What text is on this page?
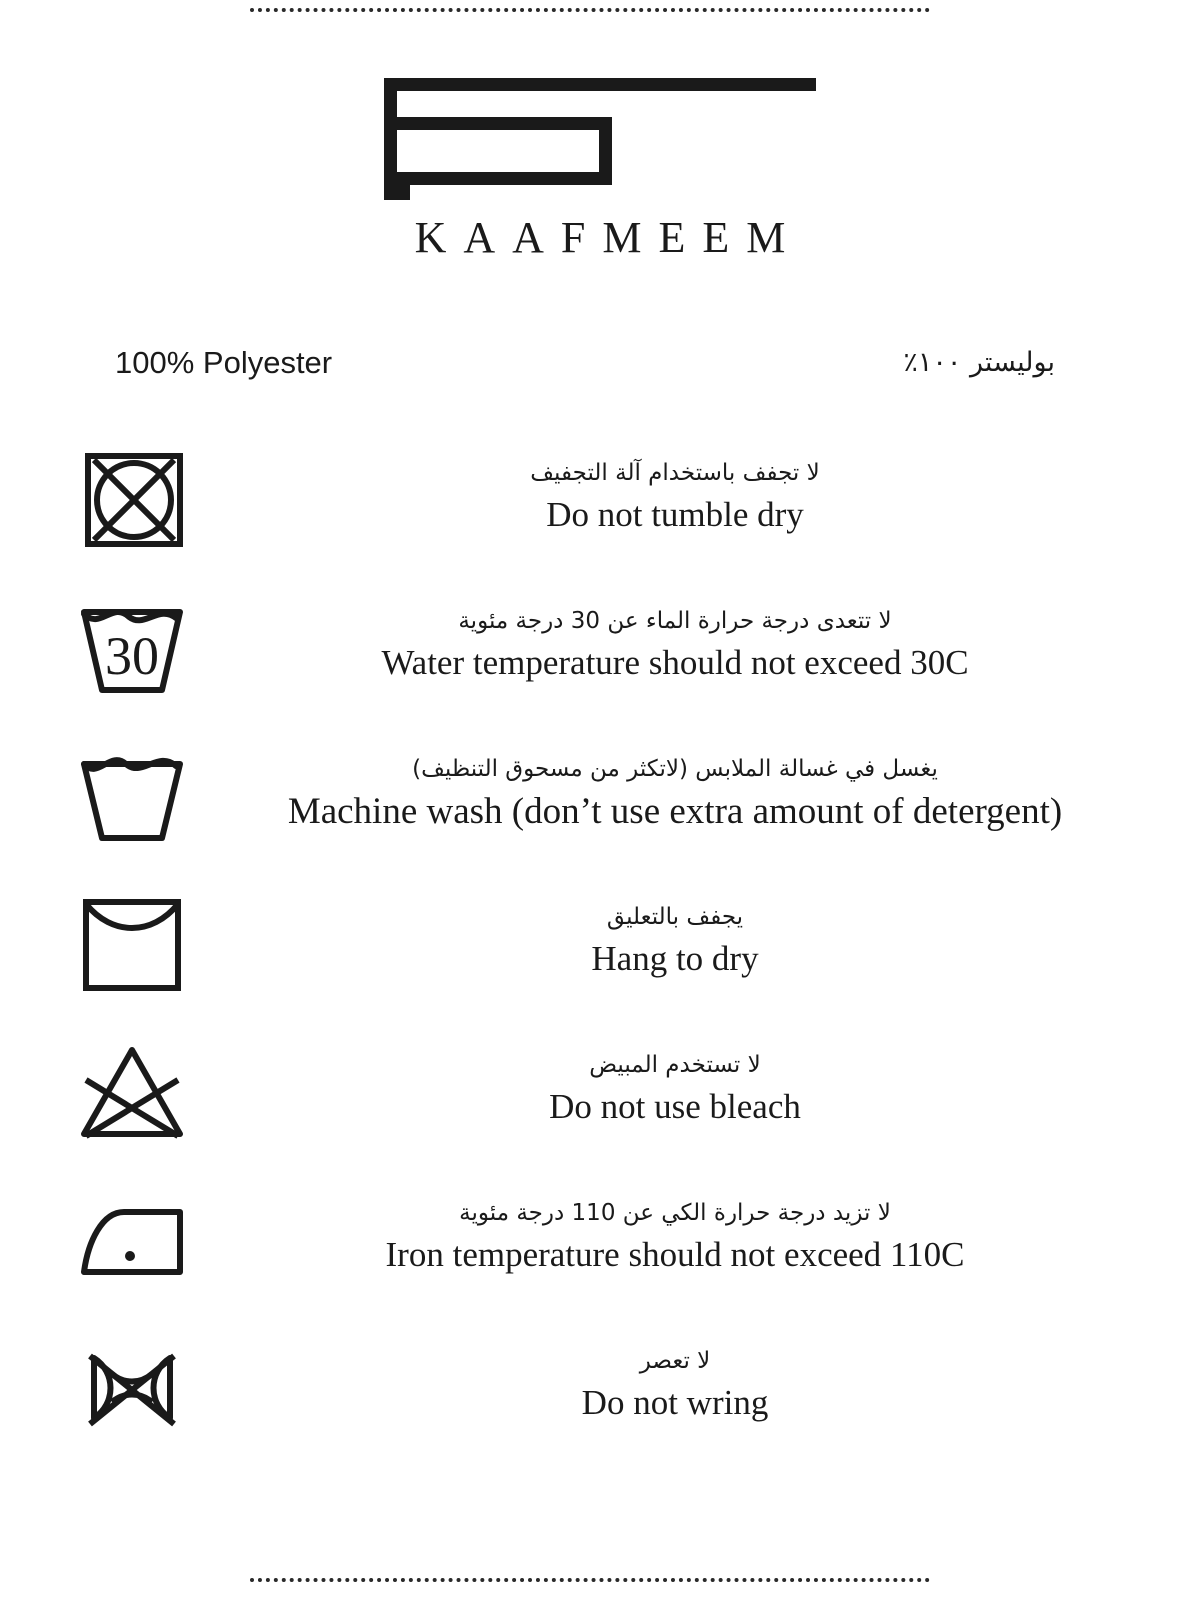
KAAFMEEM
100% Polyester	بوليستر ١٠٠٪
لا تجفف باستخدام آلة التجفيف
Do not tumble dry
30
لا تتعدى درجة حرارة الماء عن 30 درجة مئوية
Water temperature should not exceed 30C
يغسل في غسالة الملابس (لاتكثر من مسحوق التنظيف)
Machine wash (don’t use extra amount of detergent)
يجفف بالتعليق
Hang to dry
لا تستخدم المبيض
Do not use bleach
لا تزيد درجة حرارة الكي عن 110 درجة مئوية
Iron temperature should not exceed 110C
لا تعصر
Do not wring
